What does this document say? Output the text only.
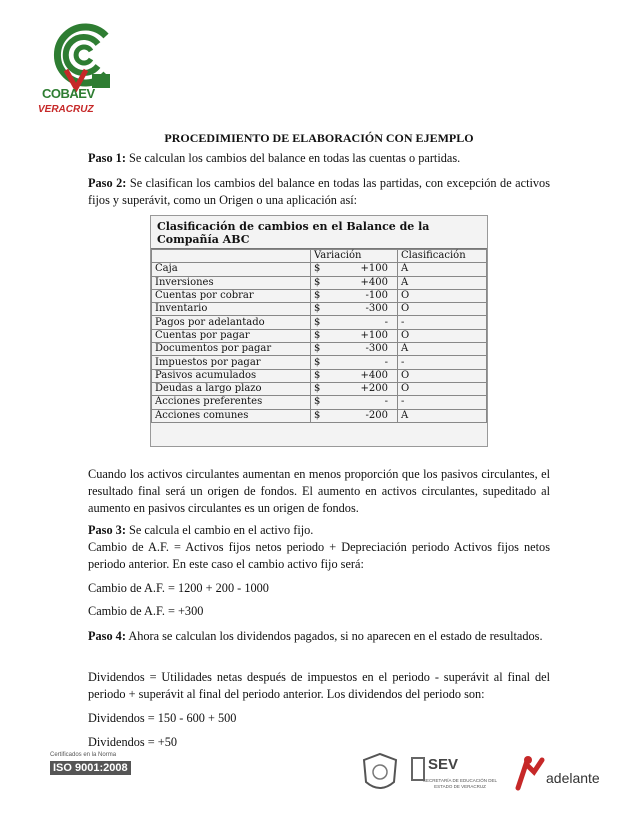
COBAEV
VERACRUZ
PROCEDIMIENTO DE ELABORACIÓN CON EJEMPLO
Paso 1: Se calculan los cambios del balance en todas las cuentas o partidas.
Paso 2: Se clasifican los cambios del balance en todas las partidas, con excepción de activos fijos y superávit, como un Origen o una aplicación así:
Clasificación de cambios en el Balance de la Compañía ABC
	Variación	Clasificación
Caja	$ +100	A
Inversiones	$ +400	A
Cuentas por cobrar	$ -100	O
Inventario	$ -300	O
Pagos por adelantado	$ -	-
Cuentas por pagar	$ +100	O
Documentos por pagar	$ -300	A
Impuestos por pagar	$ -	-
Pasivos acumulados	$ +400	O
Deudas a largo plazo	$ +200	O
Acciones preferentes	$ -	-
Acciones comunes	$ -200	A
Cuando los activos circulantes aumentan en menos proporción que los pasivos circulantes, el resultado final será un origen de fondos. El aumento en activos circulantes, supeditado al aumento en pasivos circulantes es un origen de fondos.
Paso 3: Se calcula el cambio en el activo fijo.
Cambio de A.F. = Activos fijos netos periodo + Depreciación periodo Activos fijos netos periodo anterior. En este caso el cambio activo fijo será:
Cambio de A.F. = 1200 + 200 - 1000
Cambio de A.F. = +300
Paso 4: Ahora se calculan los dividendos pagados, si no aparecen en el estado de resultados.
Dividendos = Utilidades netas después de impuestos en el periodo - superávit al final del periodo + superávit al final del periodo anterior. Los dividendos del periodo son:
Dividendos = 150 - 600 + 500
Dividendos = +50
Certificados en la Norma
ISO 9001:2008	SEV
SECRETARÍA DE EDUCACIÓN DEL ESTADO DE VERACRUZ
adelante
